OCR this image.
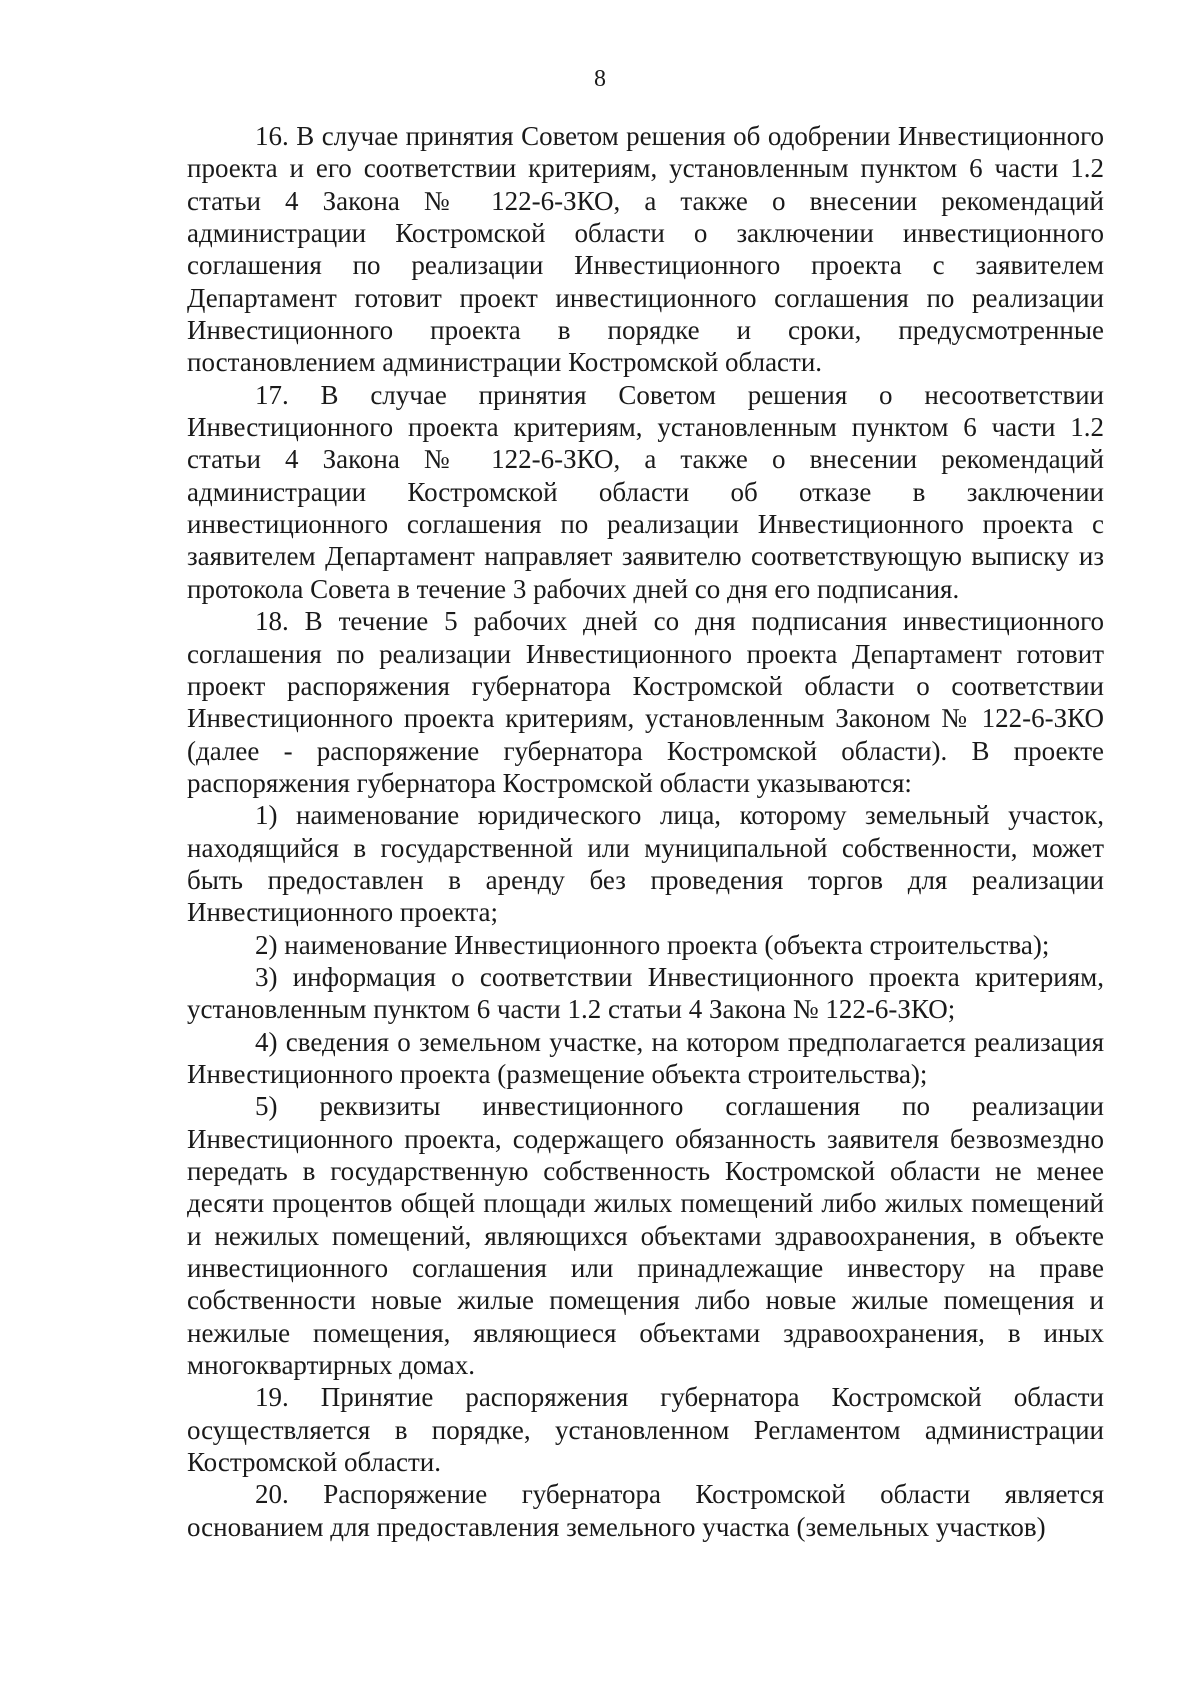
8

16. В случае принятия Советом решения об одобрении Инвестиционного проекта и его соответствии критериям, установленным пунктом 6 части 1.2 статьи 4 Закона № 122-6-ЗКО, а также о внесении рекомендаций администрации Костромской области о заключении инвестиционного соглашения по реализации Инвестиционного проекта с заявителем Департамент готовит проект инвестиционного соглашения по реализации Инвестиционного проекта в порядке и сроки, предусмотренные постановлением администрации Костромской области.

17. В случае принятия Советом решения о несоответствии Инвестиционного проекта критериям, установленным пунктом 6 части 1.2 статьи 4 Закона № 122-6-ЗКО, а также о внесении рекомендаций администрации Костромской области об отказе в заключении инвестиционного соглашения по реализации Инвестиционного проекта с заявителем Департамент направляет заявителю соответствующую выписку из протокола Совета в течение 3 рабочих дней со дня его подписания.

18. В течение 5 рабочих дней со дня подписания инвестиционного соглашения по реализации Инвестиционного проекта Департамент готовит проект распоряжения губернатора Костромской области о соответствии Инвестиционного проекта критериям, установленным Законом № 122-6-ЗКО (далее - распоряжение губернатора Костромской области). В проекте распоряжения губернатора Костромской области указываются:

1) наименование юридического лица, которому земельный участок, находящийся в государственной или муниципальной собственности, может быть предоставлен в аренду без проведения торгов для реализации Инвестиционного проекта;

2) наименование Инвестиционного проекта (объекта строительства);

3) информация о соответствии Инвестиционного проекта критериям, установленным пунктом 6 части 1.2 статьи 4 Закона № 122-6-ЗКО;

4) сведения о земельном участке, на котором предполагается реализация Инвестиционного проекта (размещение объекта строительства);

5) реквизиты инвестиционного соглашения по реализации Инвестиционного проекта, содержащего обязанность заявителя безвозмездно передать в государственную собственность Костромской области не менее десяти процентов общей площади жилых помещений либо жилых помещений и нежилых помещений, являющихся объектами здравоохранения, в объекте инвестиционного соглашения или принадлежащие инвестору на праве собственности новые жилые помещения либо новые жилые помещения и нежилые помещения, являющиеся объектами здравоохранения, в иных многоквартирных домах.

19. Принятие распоряжения губернатора Костромской области осуществляется в порядке, установленном Регламентом администрации Костромской области.

20. Распоряжение губернатора Костромской области является основанием для предоставления земельного участка (земельных участков)
